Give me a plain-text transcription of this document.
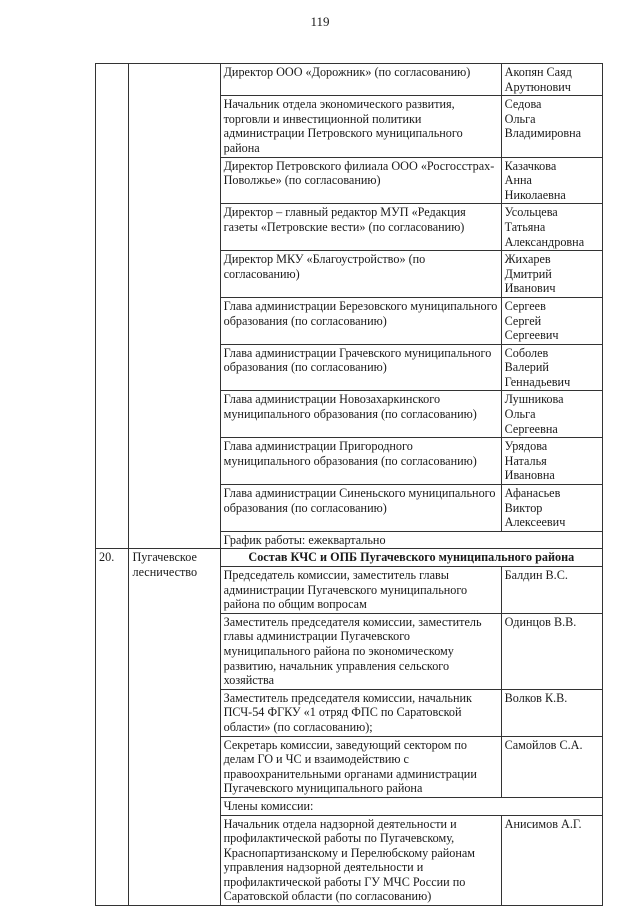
119
		Директор ООО «Дорожник» (по согласованию)	Акопян Саяд
Арутюнович

		Начальник отдела экономического развития, торговли и инвестиционной политики администрации Петровского муниципального района	Седова
Ольга
Владимировна

		Директор Петровского филиала ООО «Росгосстрах-Поволжье» (по согласованию)	Казачкова
Анна
Николаевна

		Директор – главный редактор МУП «Редакция газеты «Петровские вести» (по согласованию)	Усольцева
Татьяна
Александровна

		Директор МКУ «Благоустройство» (по согласованию)	Жихарев
Дмитрий
Иванович

		Глава администрации Березовского муниципального образования (по согласованию)	Сергеев
Сергей
Сергеевич

		Глава администрации Грачевского муниципального образования (по согласованию)	Соболев
Валерий
Геннадьевич

		Глава администрации Новозахаркинского муниципального образования (по согласованию)	Лушникова
Ольга
Сергеевна

		Глава администрации Пригородного муниципального образования (по согласованию)	Урядова
Наталья
Ивановна

		Глава администрации Синеньского муниципального образования (по согласованию)	Афанасьев
Виктор
Алексеевич

		График работы: ежеквартально	
20.	Пугачевское лесничество	Состав КЧС и ОПБ Пугачевского муниципального района	
		Председатель комиссии, заместитель главы администрации Пугачевского муниципального района по общим вопросам	Балдин В.С.
		Заместитель председателя комиссии, заместитель главы администрации Пугачевского муниципального района по экономическому развитию, начальник управления сельского хозяйства	Одинцов В.В.
		Заместитель председателя комиссии, начальник ПСЧ-54 ФГКУ «1 отряд ФПС по Саратовской области» (по согласованию);	Волков К.В.
		Секретарь комиссии, заведующий сектором по делам ГО и ЧС и взаимодействию с правоохранительными органами администрации Пугачевского муниципального района	Самойлов С.А.
		Члены комиссии:	
		Начальник отдела надзорной деятельности и профилактической работы по Пугачевскому, Краснопартизанскому и Перелюбскому районам управления надзорной деятельности и профилактической работы ГУ МЧС России по Саратовской области (по согласованию)	Анисимов А.Г.
